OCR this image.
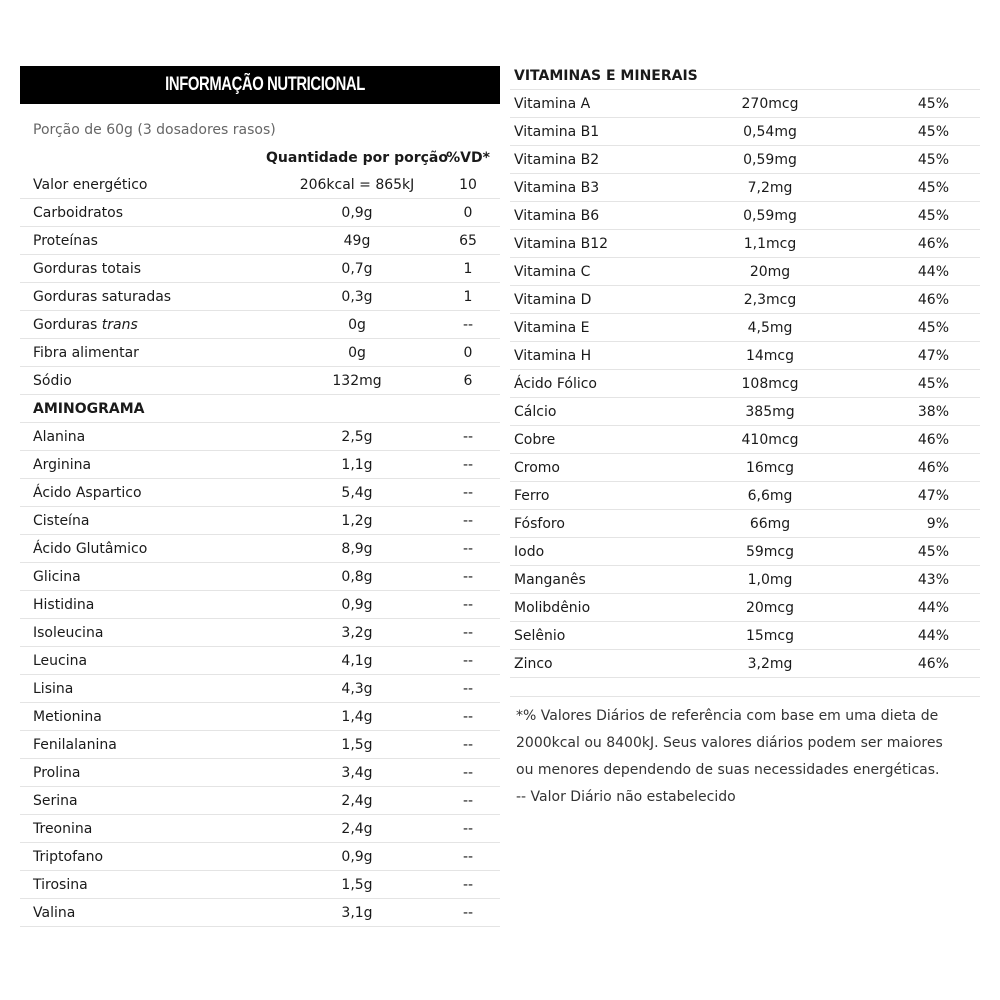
INFORMAÇÃO NUTRICIONAL
Porção de 60g (3 dosadores rasos)
Quantidade por porção
%VD*
Valor energético	206kcal = 865kJ	10
Carboidratos	0,9g	0
Proteínas	49g	65
Gorduras totais	0,7g	1
Gorduras saturadas	0,3g	1
Gorduras trans	0g	--
Fibra alimentar	0g	0
Sódio	132mg	6
AMINOGRAMA
Alanina	2,5g	--
Arginina	1,1g	--
Ácido Aspartico	5,4g	--
Cisteína	1,2g	--
Ácido Glutâmico	8,9g	--
Glicina	0,8g	--
Histidina	0,9g	--
Isoleucina	3,2g	--
Leucina	4,1g	--
Lisina	4,3g	--
Metionina	1,4g	--
Fenilalanina	1,5g	--
Prolina	3,4g	--
Serina	2,4g	--
Treonina	2,4g	--
Triptofano	0,9g	--
Tirosina	1,5g	--
Valina	3,1g	--
VITAMINAS E MINERAIS
Vitamina A	270mcg	45%
Vitamina B1	0,54mg	45%
Vitamina B2	0,59mg	45%
Vitamina B3	7,2mg	45%
Vitamina B6	0,59mg	45%
Vitamina B12	1,1mcg	46%
Vitamina C	20mg	44%
Vitamina D	2,3mcg	46%
Vitamina E	4,5mg	45%
Vitamina H	14mcg	47%
Ácido Fólico	108mcg	45%
Cálcio	385mg	38%
Cobre	410mcg	46%
Cromo	16mcg	46%
Ferro	6,6mg	47%
Fósforo	66mg	9%
Iodo	59mcg	45%
Manganês	1,0mg	43%
Molibdênio	20mcg	44%
Selênio	15mcg	44%
Zinco	3,2mg	46%
*% Valores Diários de referência com base em uma dieta de
2000kcal ou 8400kJ. Seus valores diários podem ser maiores
ou menores dependendo de suas necessidades energéticas.
-- Valor Diário não estabelecido
